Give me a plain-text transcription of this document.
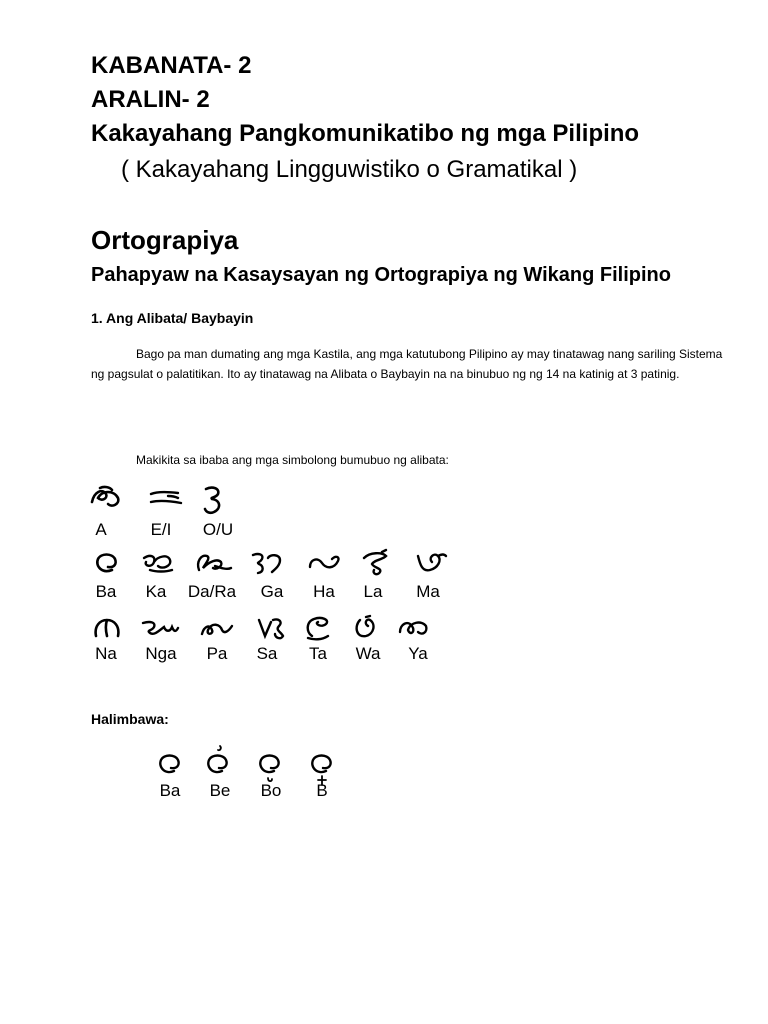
KABANATA- 2
ARALIN- 2
Kakayahang Pangkomunikatibo ng mga Pilipino
( Kakayahang Lingguwistiko o Gramatikal )
Ortograpiya
Pahapyaw na Kasaysayan ng Ortograpiya ng Wikang Filipino
1. Ang Alibata/ Baybayin
Bago pa man dumating ang mga Kastila, ang mga katutubong Pilipino ay may tinatawag nang sariling Sistema ng pagsulat o palatitikan. Ito ay tinatawag na Alibata o Baybayin na na binubuo ng ng 14 na katinig at 3 patinig.
Makikita sa ibaba ang mga simbolong bumubuo ng alibata:
A	E/I	O/U
Ba	Ka	Da/Ra	Ga	Ha	La	Ma
Na	Nga	Pa	Sa	Ta	Wa	Ya
Halimbawa:
Ba	Be	Bo	B
